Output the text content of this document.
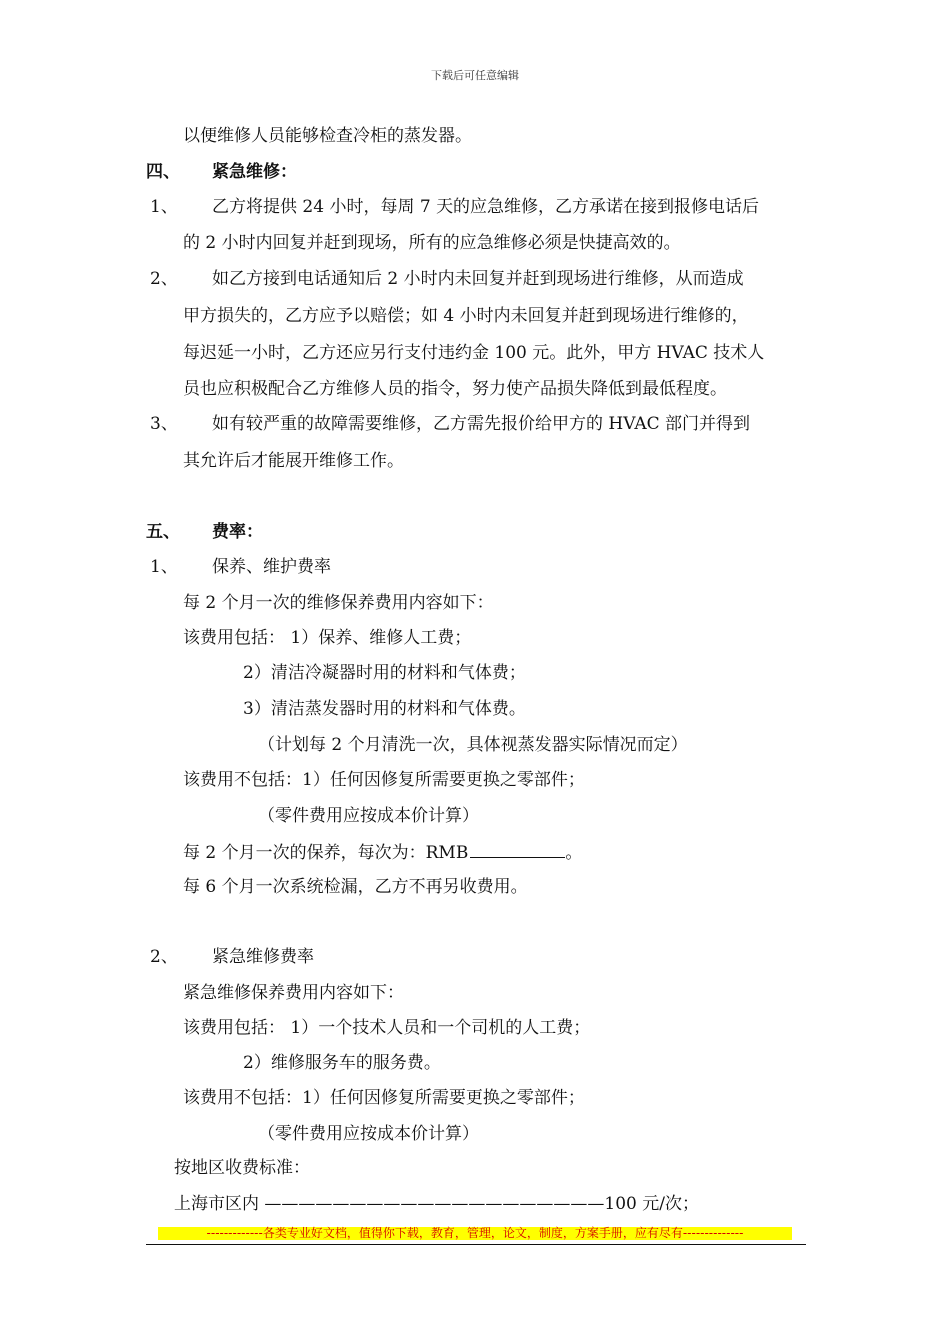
下载后可任意编辑
以便维修人员能够检查冷柜的蒸发器。
四、 紧急维修：
1、 乙方将提供 24 小时，每周 7 天的应急维修，乙方承诺在接到报修电话后
的 2 小时内回复并赶到现场，所有的应急维修必须是快捷高效的。
2、 如乙方接到电话通知后 2 小时内未回复并赶到现场进行维修，从而造成
甲方损失的，乙方应予以赔偿；如 4 小时内未回复并赶到现场进行维修的，
每迟延一小时，乙方还应另行支付违约金 100 元。此外，甲方 HVAC 技术人
员也应积极配合乙方维修人员的指令，努力使产品损失降低到最低程度。
3、 如有较严重的故障需要维修，乙方需先报价给甲方的 HVAC 部门并得到
其允许后才能展开维修工作。
五、 费率：
1、 保养、维护费率
每 2 个月一次的维修保养费用内容如下：
该费用包括： 1）保养、维修人工费；
2）清洁冷凝器时用的材料和气体费；
3）清洁蒸发器时用的材料和气体费。
（计划每 2 个月清洗一次，具体视蒸发器实际情况而定）
该费用不包括：1）任何因修复所需要更换之零部件；
（零件费用应按成本价计算）
每 2 个月一次的保养，每次为：RMB	。
每 6 个月一次系统检漏，乙方不再另收费用。
2、 紧急维修费率
紧急维修保养费用内容如下：
该费用包括： 1）一个技术人员和一个司机的人工费；
2）维修服务车的服务费。
该费用不包括：1）任何因修复所需要更换之零部件；
（零件费用应按成本价计算）
按地区收费标准：
上海市区内 ————————————————————100 元/次；
-------------各类专业好文档，值得你下载，教育，管理，论文，制度，方案手册，应有尽有--------------
